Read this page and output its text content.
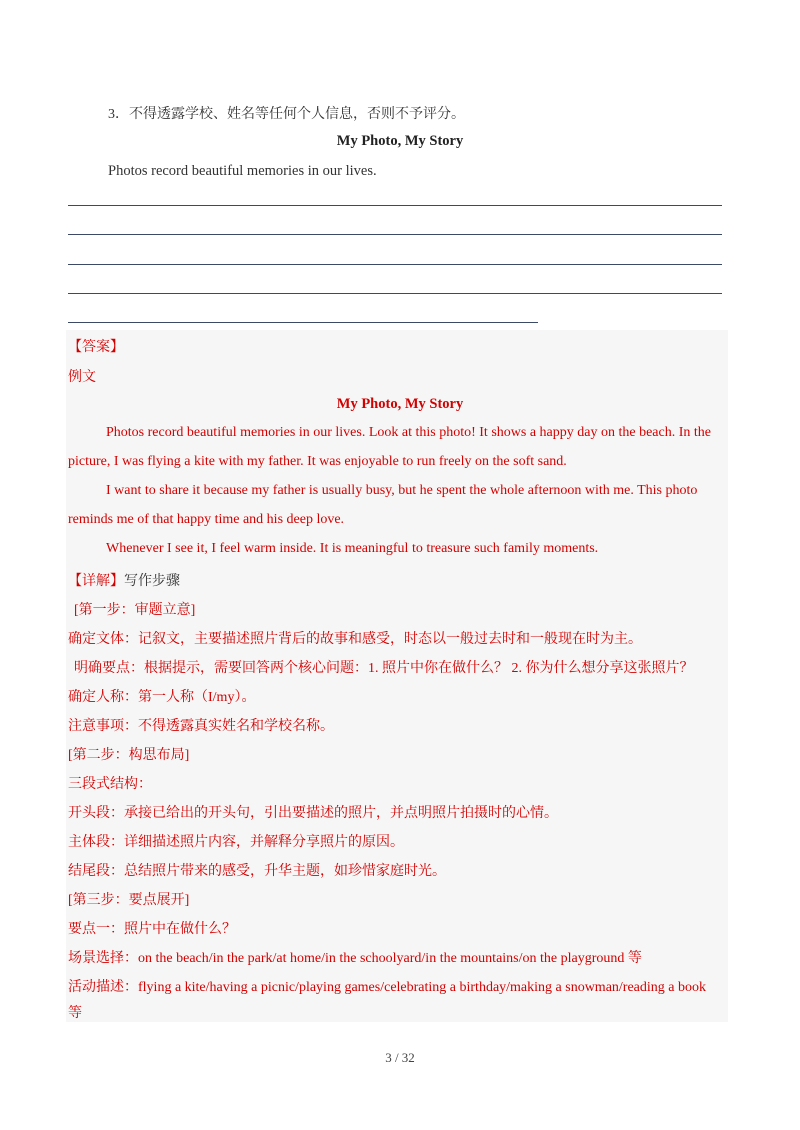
3．不得透露学校、姓名等任何个人信息，否则不予评分。
My Photo, My Story
Photos record beautiful memories in our lives.
【答案】
例文
My Photo, My Story
Photos record beautiful memories in our lives. Look at this photo! It shows a happy day on the beach. In the
picture, I was flying a kite with my father. It was enjoyable to run freely on the soft sand.
I want to share it because my father is usually busy, but he spent the whole afternoon with me. This photo
reminds me of that happy time and his deep love.
Whenever I see it, I feel warm inside. It is meaningful to treasure such family moments.
【详解】写作步骤
[第一步：审题立意]
确定文体：记叙文，主要描述照片背后的故事和感受，时态以一般过去时和一般现在时为主。
明确要点：根据提示，需要回答两个核心问题：1. 照片中你在做什么？ 2. 你为什么想分享这张照片？
确定人称：第一人称（I/my）。
注意事项：不得透露真实姓名和学校名称。
[第二步：构思布局]
三段式结构：
开头段：承接已给出的开头句，引出要描述的照片，并点明照片拍摄时的心情。
主体段：详细描述照片内容，并解释分享照片的原因。
结尾段：总结照片带来的感受，升华主题，如珍惜家庭时光。
[第三步：要点展开]
要点一：照片中在做什么？
场景选择：on the beach/in the park/at home/in the schoolyard/in the mountains/on the playground 等
活动描述：flying a kite/having a picnic/playing games/celebrating a birthday/making a snowman/reading a book
等
3 / 32
